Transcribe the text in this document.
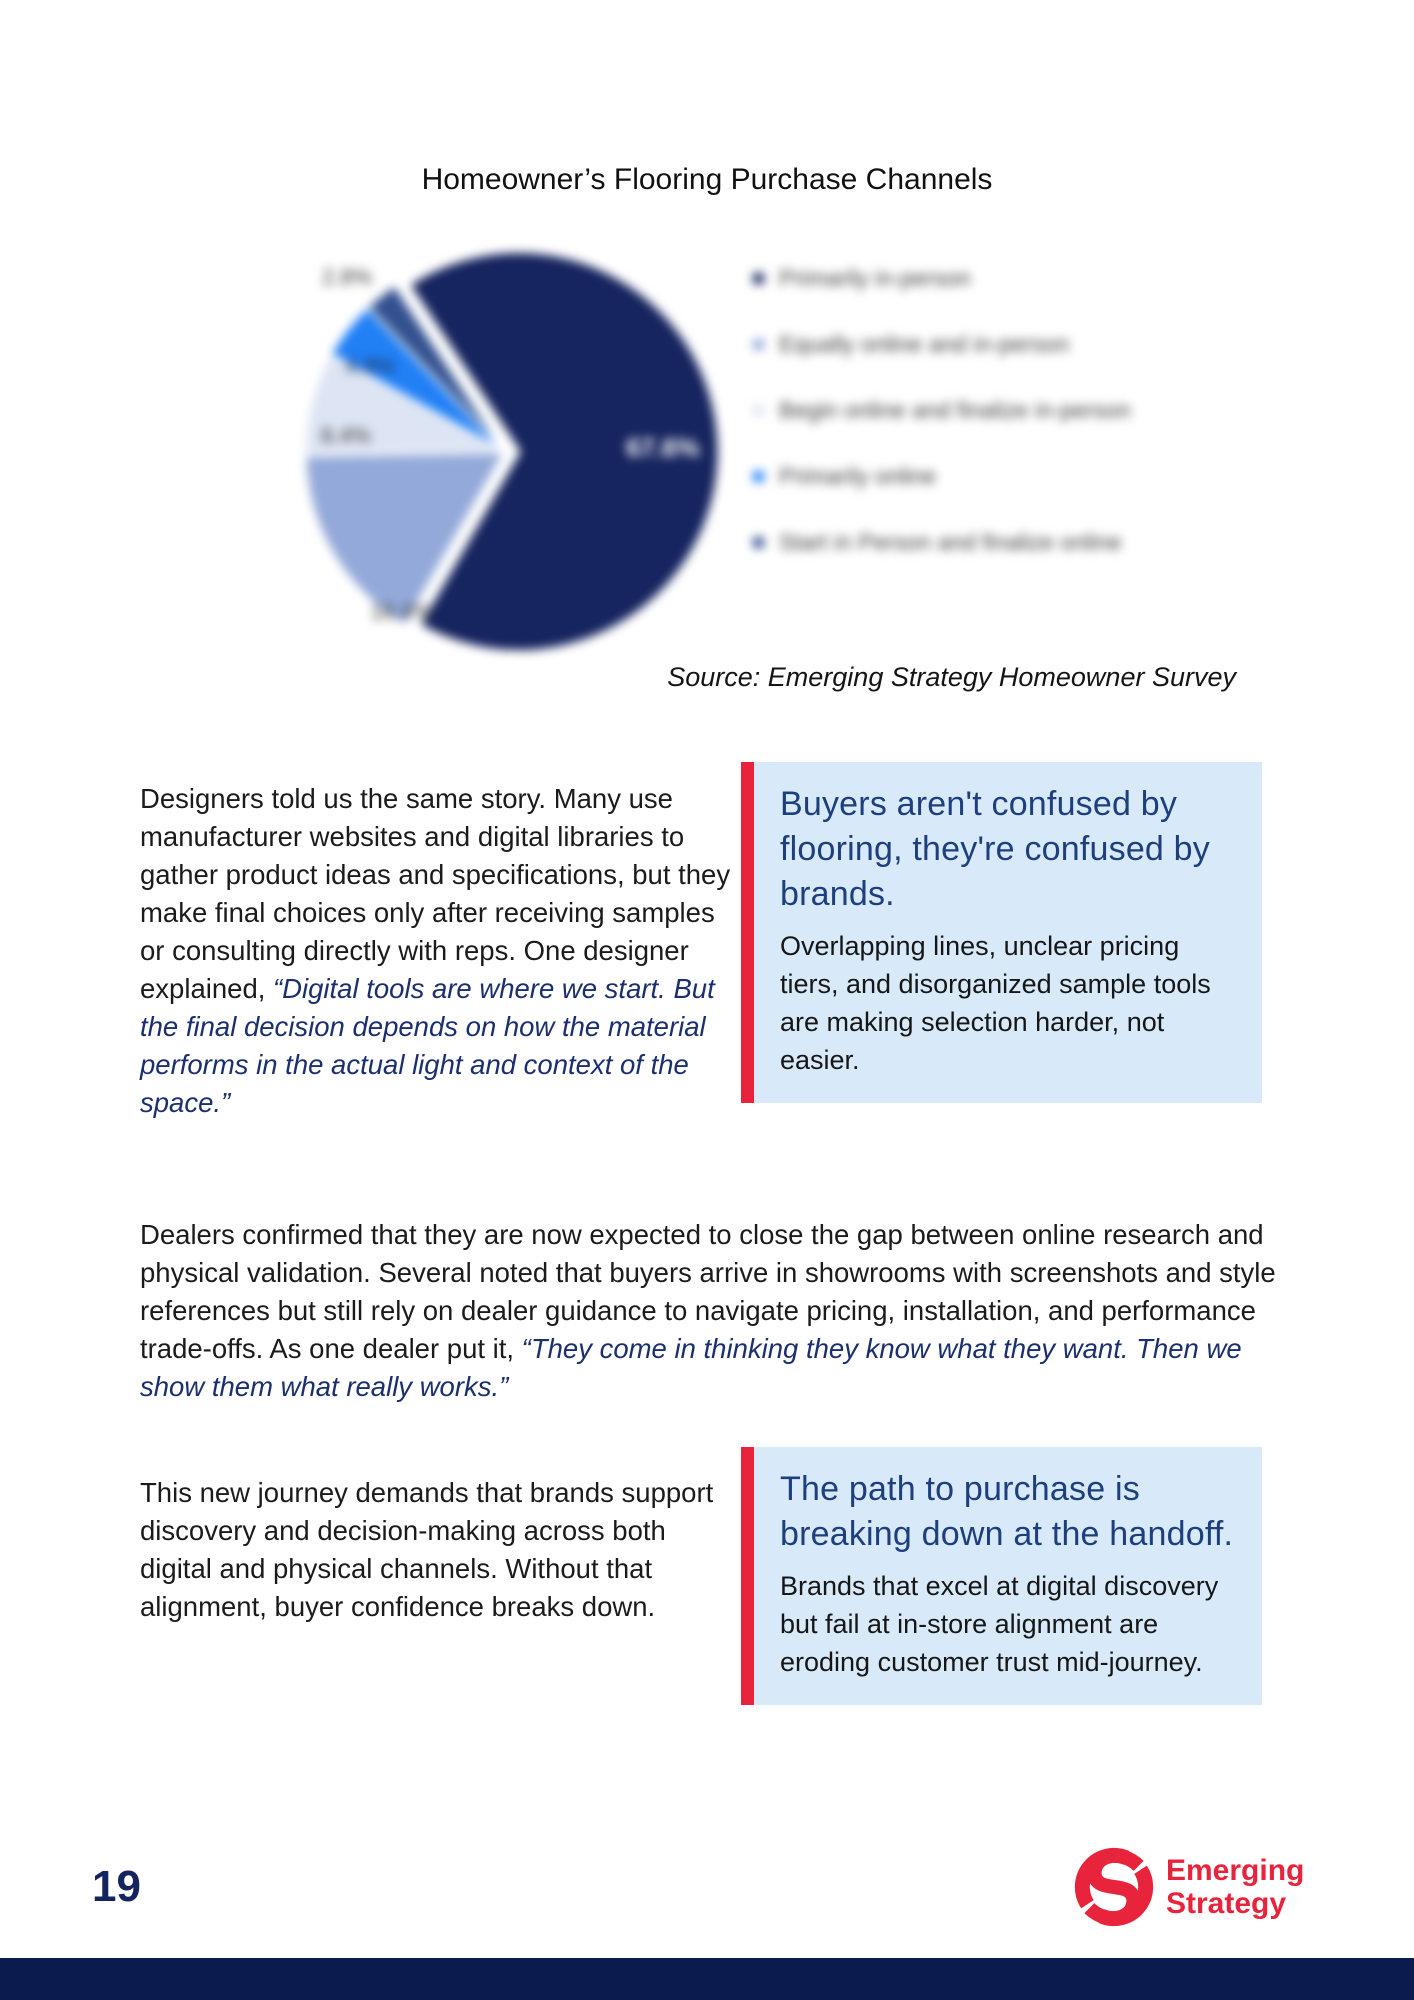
Homeowner’s Flooring Purchase Channels
67.6%
16.4%
8.4%
4.8%
2.8%	Primarily in-person
Equally online and in-person
Begin online and finalize in-person
Primarily online
Start in Person and finalize online
Source: Emerging Strategy Homeowner Survey

Designers told us the same story. Many use manufacturer websites and digital libraries to gather product ideas and specifications, but they make final choices only after receiving samples or consulting directly with reps. One designer explained, “Digital tools are where we start. But the final decision depends on how the material performs in the actual light and context of the space.”

Buyers aren't confused by flooring, they're confused by brands.

Overlapping lines, unclear pricing tiers, and disorganized sample tools are making selection harder, not easier.

Dealers confirmed that they are now expected to close the gap between online research and physical validation. Several noted that buyers arrive in showrooms with screenshots and style references but still rely on dealer guidance to navigate pricing, installation, and performance trade-offs. As one dealer put it, “They come in thinking they know what they want. Then we show them what really works.”

This new journey demands that brands support discovery and decision-making across both digital and physical channels. Without that alignment, buyer confidence breaks down.

The path to purchase is breaking down at the handoff.

Brands that excel at digital discovery but fail at in-store alignment are eroding customer trust mid-journey.

19	Emerging
Strategy
